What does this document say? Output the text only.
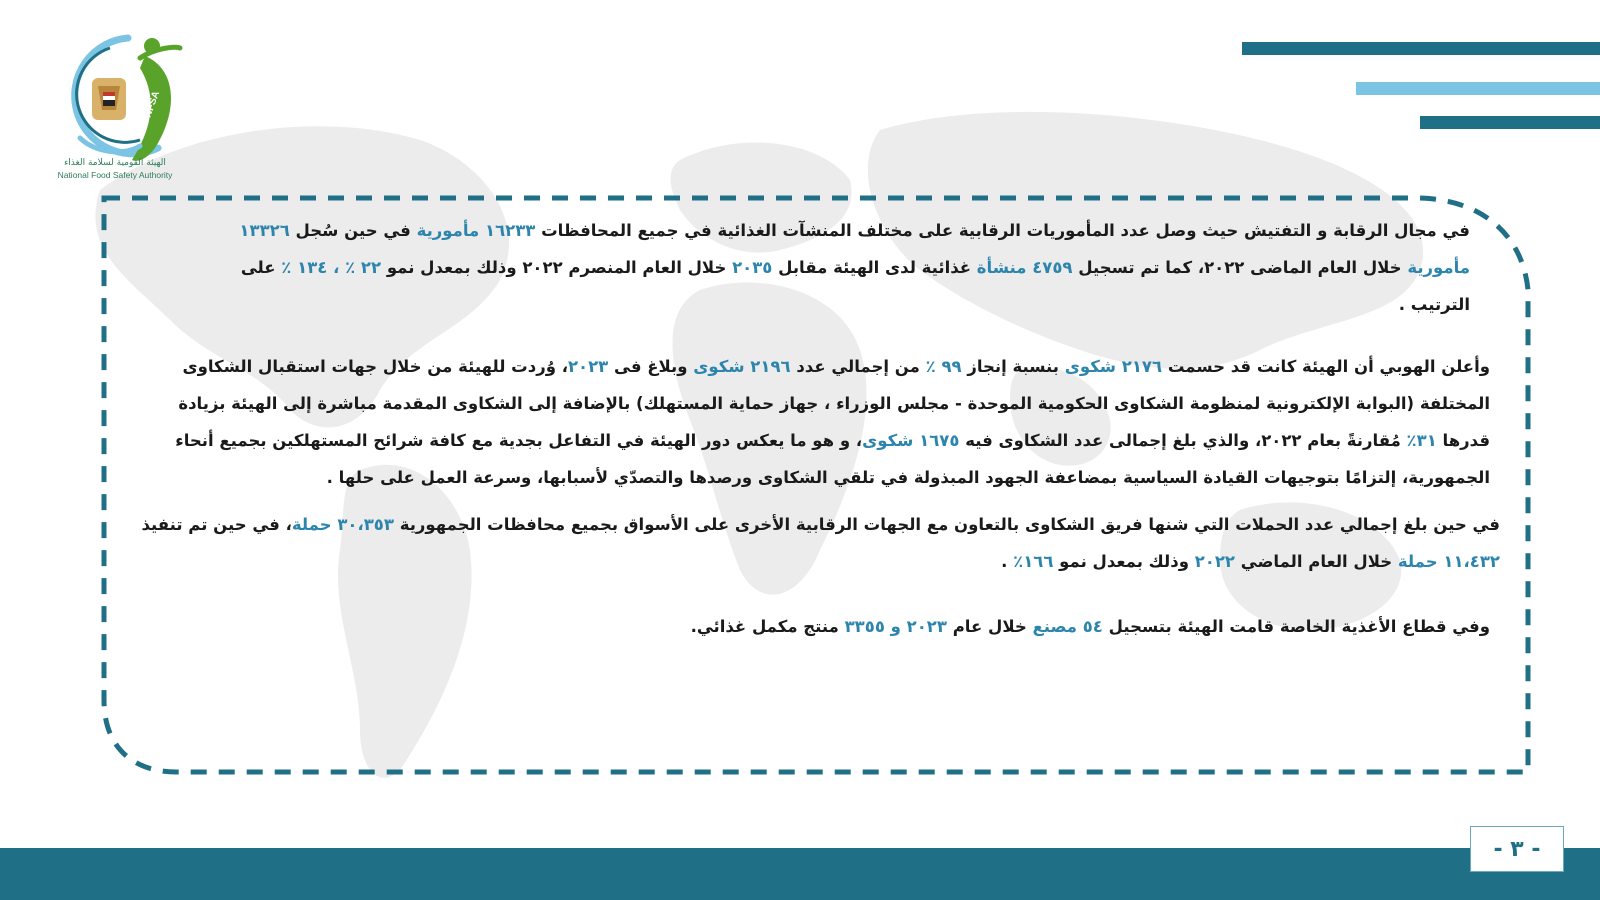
NFSA
الهيئة القومية لسلامة الغذاء
National Food Safety Authority

في مجال الرقابة و التفتيش حيث وصل عدد المأموريات الرقابية على مختلف المنشآت الغذائية في جميع المحافظات ١٦٢٣٣ مأمورية في حين سُجل ١٣٣٢٦ مأمورية خلال العام الماضى ٢٠٢٢، كما تم تسجيل ٤٧٥٩ منشأة غذائية لدى الهيئة مقابل ٢٠٣٥ خلال العام المنصرم ٢٠٢٢ وذلك بمعدل نمو ٢٢ ٪ ، ١٣٤ ٪ على الترتيب .

وأعلن الهوبي أن الهيئة كانت قد حسمت ٢١٧٦ شكوى بنسبة إنجاز ٩٩ ٪ من إجمالي عدد ٢١٩٦ شكوى وبلاغ فى ٢٠٢٣، وُردت للهيئة من خلال جهات استقبال الشكاوى المختلفة (البوابة الإلكترونية لمنظومة الشكاوى الحكومية الموحدة - مجلس الوزراء ، جهاز حماية المستهلك) بالإضافة إلى الشكاوى المقدمة مباشرة إلى الهيئة بزيادة قدرها ٣١٪ مُقارنةً بعام ٢٠٢٢، والذي بلغ إجمالى عدد الشكاوى فيه ١٦٧٥ شكوى، و هو ما يعكس دور الهيئة في التفاعل بجدية مع كافة شرائح المستهلكين بجميع أنحاء الجمهورية، إلتزامًا بتوجيهات القيادة السياسية بمضاعفة الجهود المبذولة في تلقي الشكاوى ورصدها والتصدّي لأسبابها، وسرعة العمل على حلها .

في حين بلغ إجمالي عدد الحملات التي شنها فريق الشكاوى بالتعاون مع الجهات الرقابية الأخرى على الأسواق بجميع محافظات الجمهورية ٣٠،٣٥٣ حملة، في حين تم تنفيذ ١١،٤٣٢ حملة خلال العام الماضي ٢٠٢٢ وذلك بمعدل نمو ١٦٦٪ .

وفي قطاع الأغذية الخاصة قامت الهيئة بتسجيل ٥٤ مصنع خلال عام ٢٠٢٣ و ٣٣٥٥ منتج مكمل غذائي.

- ٣ -
